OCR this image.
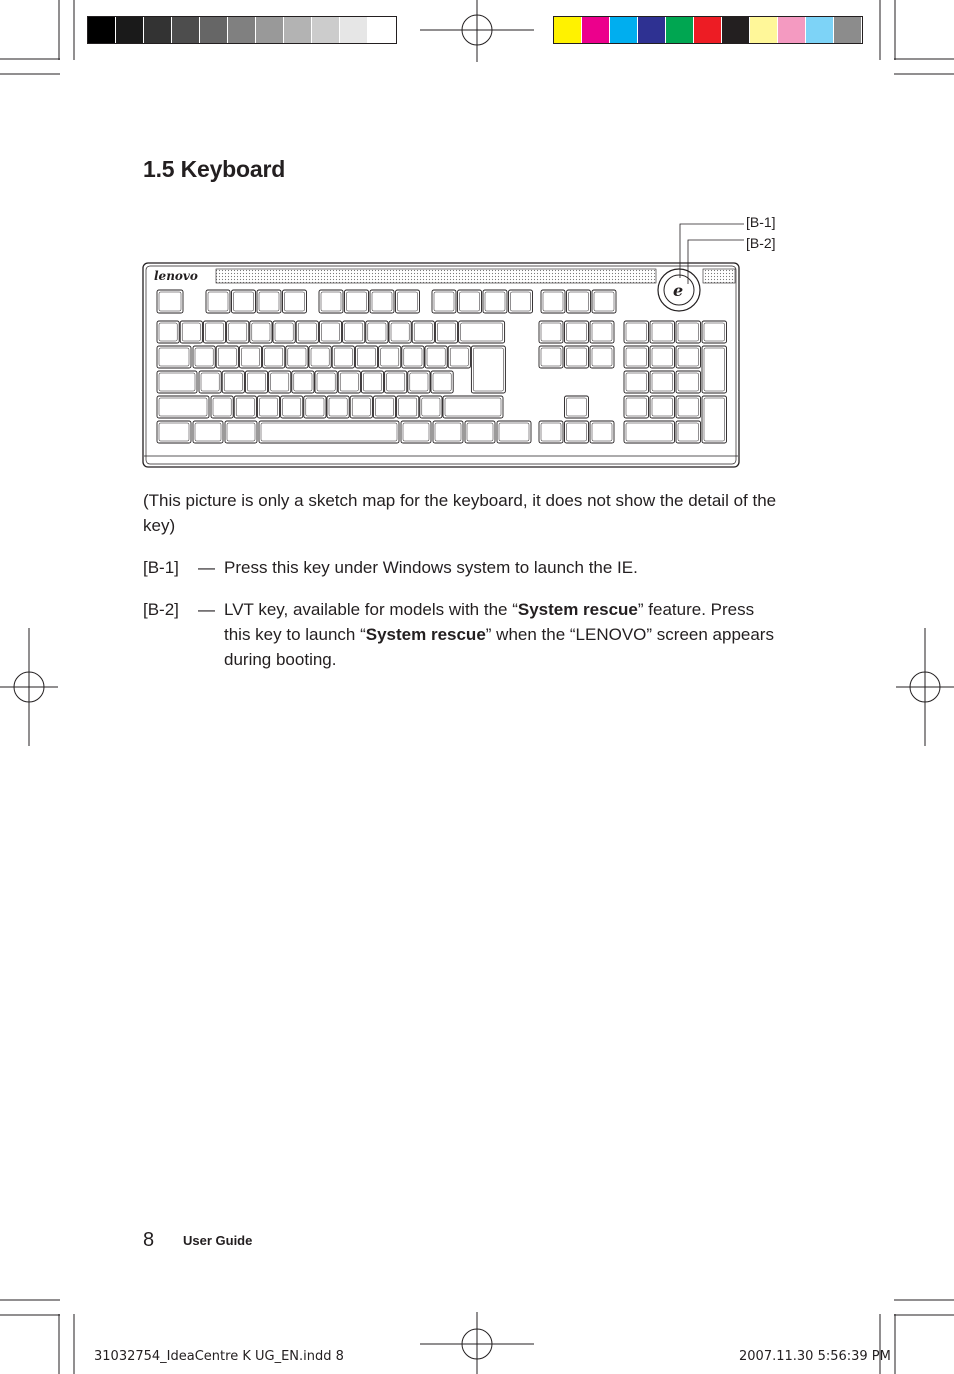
1.5 Keyboard
lenovo
e
[B-1]
[B-2]

(This picture is only a sketch map for the keyboard, it does not show the detail of the key)

[B-1] — Press this key under Windows system to launch the IE.
[B-2] — LVT key, available for models with the “System rescue” feature. Press this key to launch “System rescue” when the “LENOVO” screen appears during booting.
8 User Guide
31032754_IdeaCentre K UG_EN.indd 8	2007.11.30 5:56:39 PM
